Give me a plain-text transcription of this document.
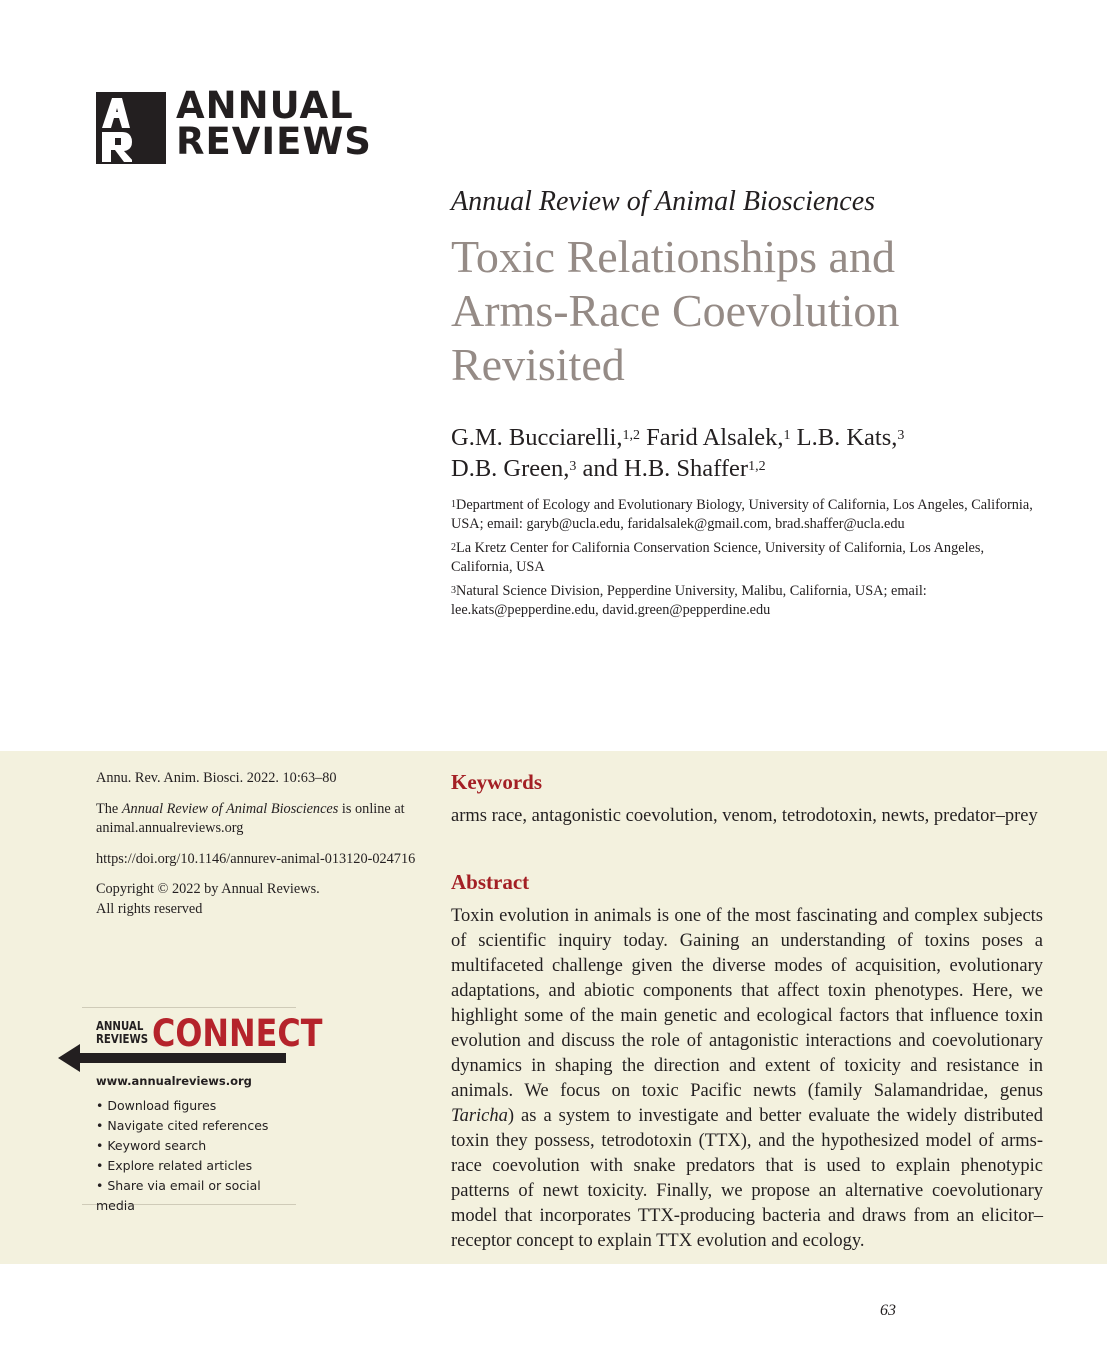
ANNUAL
REVIEWS
Annual Review of Animal Biosciences
Toxic Relationships and
Arms-Race Coevolution
Revisited
G.M. Bucciarelli,$^{1,2}$ Farid Alsalek,$^1$ L.B. Kats,$^3$
D.B. Green,$^3$ and H.B. Shaffer$^{1,2}$

$^1$Department of Ecology and Evolutionary Biology, University of California, Los Angeles, California, USA; email: garyb@ucla.edu, faridalsalek@gmail.com, brad.shaffer@ucla.edu

$^2$La Kretz Center for California Conservation Science, University of California, Los Angeles, California, USA

$^3$Natural Science Division, Pepperdine University, Malibu, California, USA; email: lee.kats@pepperdine.edu, david.green@pepperdine.edu

Annu. Rev. Anim. Biosci. 2022. 10:63–80

The Annual Review of Animal Biosciences is online at animal.annualreviews.org

https://doi.org/10.1146/annurev-animal-013120-024716

Copyright © 2022 by Annual Reviews.
All rights reserved

ANNUAL
REVIEWS CONNECT
www.annualreviews.org
• Download figures
• Navigate cited references
• Keyword search
• Explore related articles
• Share via email or social media
Keywords
arms race, antagonistic coevolution, venom, tetrodotoxin, newts, predator–prey
Abstract

Toxin evolution in animals is one of the most fascinating and complex subjects of scientific inquiry today. Gaining an understanding of toxins poses a multifaceted challenge given the diverse modes of acquisition, evolutionary adaptations, and abiotic components that affect toxin phenotypes. Here, we highlight some of the main genetic and ecological factors that influence toxin evolution and discuss the role of antagonistic interactions and coevolutionary dynamics in shaping the direction and extent of toxicity and resistance in animals. We focus on toxic Pacific newts (family Salamandridae, genus Taricha) as a system to investigate and better evaluate the widely distributed toxin they possess, tetrodotoxin (TTX), and the hypothesized model of arms-race coevolution with snake predators that is used to explain phenotypic patterns of newt toxicity. Finally, we propose an alternative coevolutionary model that incorporates TTX-producing bacteria and draws from an elicitor–receptor concept to explain TTX evolution and ecology.

63
